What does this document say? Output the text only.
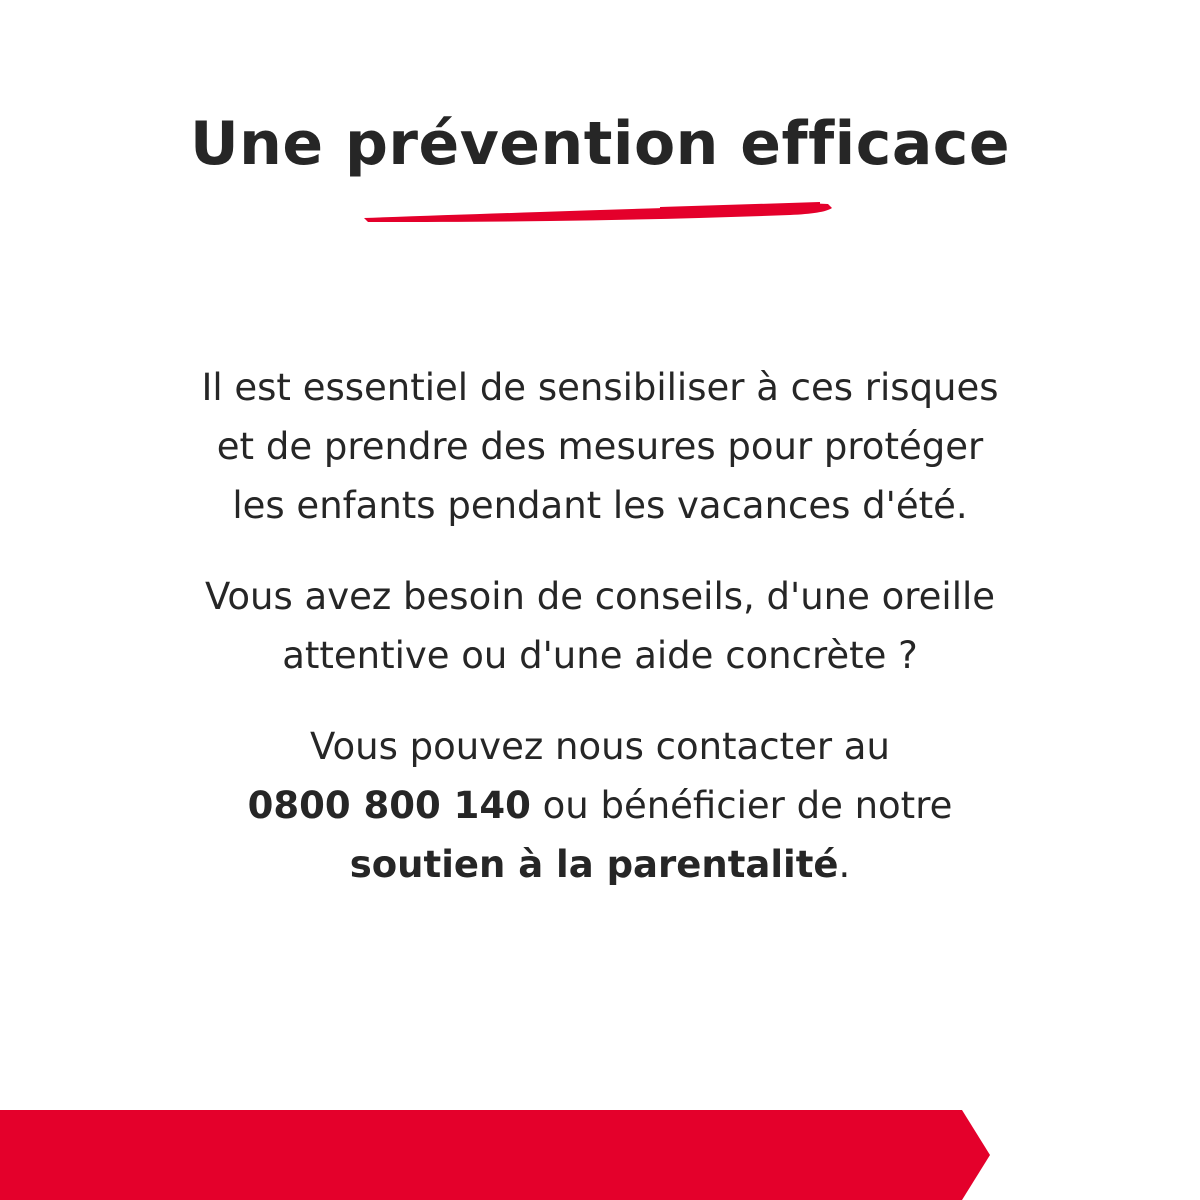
Une prévention efficace

Il est essentiel de sensibiliser à ces risques
et de prendre des mesures pour protéger
les enfants pendant les vacances d'été.

Vous avez besoin de conseils, d'une oreille
attentive ou d'une aide concrète ?

Vous pouvez nous contacter au
0800 800 140 ou bénéficier de notre
soutien à la parentalité.
